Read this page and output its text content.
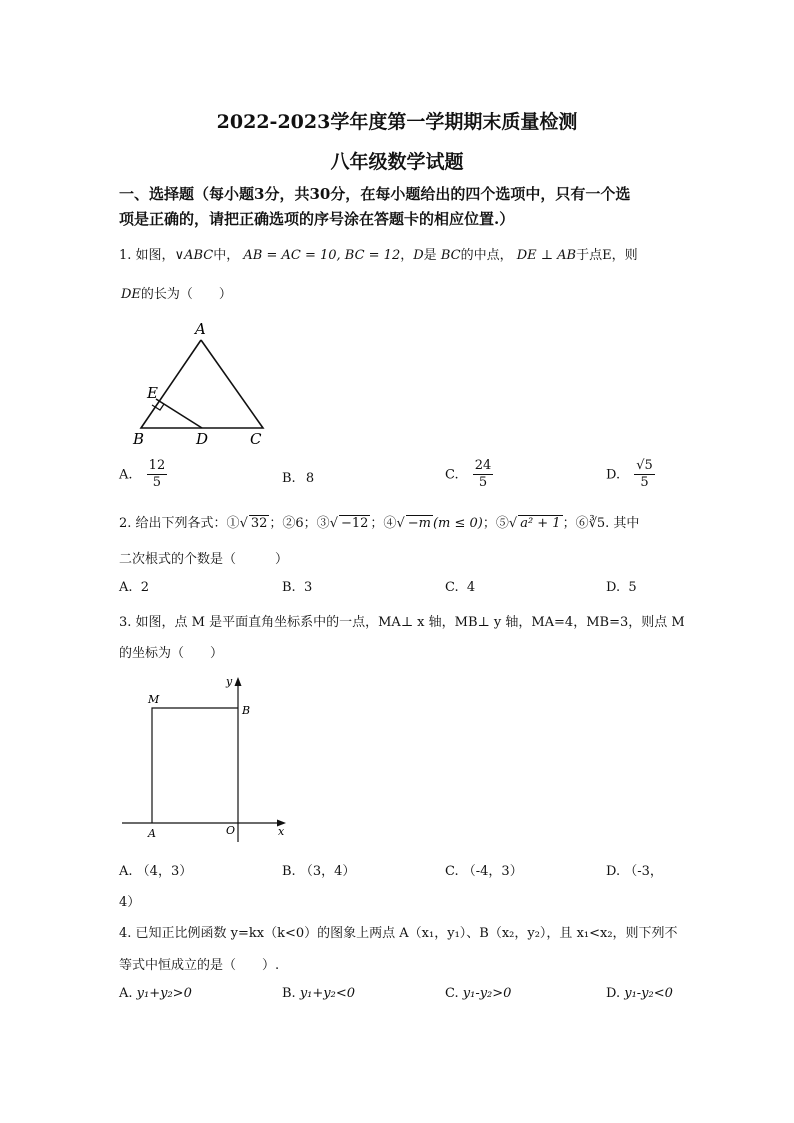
2022-2023学年度第一学期期末质量检测
八年级数学试题
一、选择题（每小题3分，共30分，在每小题给出的四个选项中，只有一个选
项是正确的，请把正确选项的序号涂在答题卡的相应位置.）
1. 如图，∨ABC中， AB = AC = 10, BC = 12，D是 BC的中点， DE ⊥ AB于点E，则
DE的长为（　　）
A
E
B	D	C
A. $\frac{12}{5}$	B. 8	C. $\frac{24}{5}$	D. $\frac{√5}{5}$
2. 给出下列各式：①√ 32 ；②6；③√ −12 ；④√ −m (m ≤ 0)；⑤√ a² + 1 ；⑥∛5. 其中
二次根式的个数是（　　　）
A. 2	B. 3	C. 4	D. 5
3. 如图，点 M 是平面直角坐标系中的一点，MA⊥ x 轴，MB⊥ y 轴，MA=4，MB=3，则点 M
的坐标为（　　）
M
B
A	O	x
y
A. （4，3）	B. （3，4）	C. （-4，3）	D. （-3，
4）
4. 已知正比例函数 y=kx（k<0）的图象上两点 A（x₁，y₁）、B（x₂，y₂），且 x₁<x₂，则下列不
等式中恒成立的是（　　）.
A. y₁+y₂>0	B. y₁+y₂<0	C. y₁-y₂>0	D. y₁-y₂<0
